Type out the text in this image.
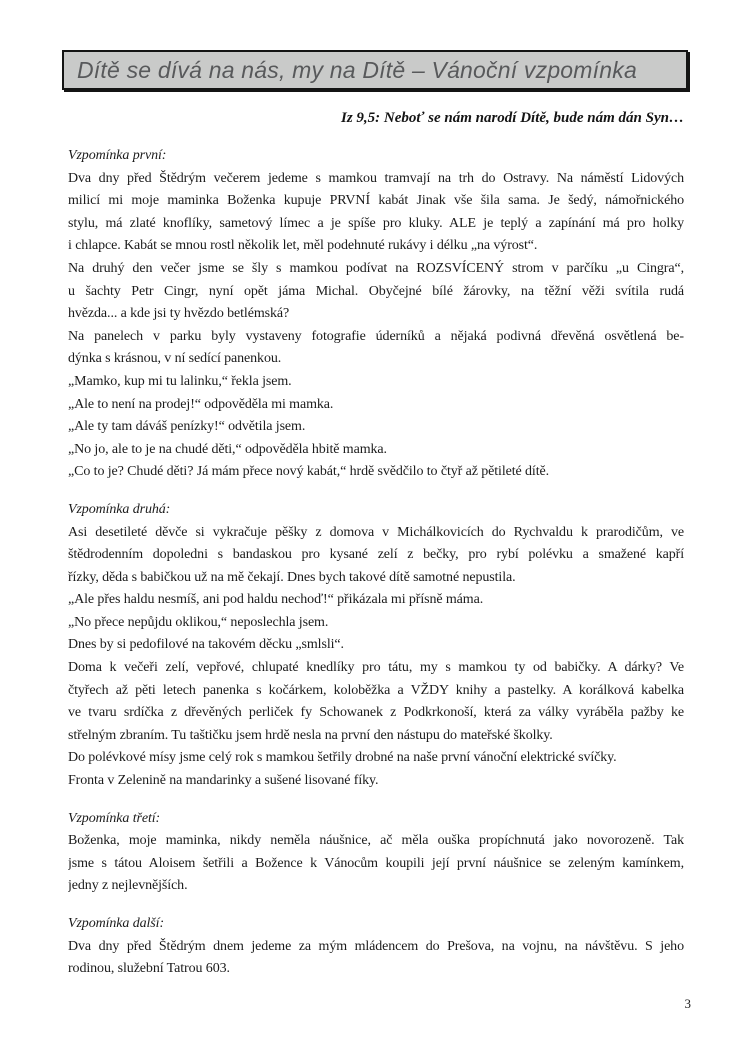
Dítě se dívá na nás, my na Dítě – Vánoční vzpomínka
Iz 9,5: Neboť se nám narodí Dítě, bude nám dán Syn…
Vzpomínka první:
Dva dny před Štědrým večerem jedeme s mamkou tramvají na trh do Ostravy. Na náměstí Lidových
milicí mi moje maminka Boženka kupuje PRVNÍ kabát Jinak vše šila sama. Je šedý, námořnického
stylu, má zlaté knoflíky, sametový límec a je spíše pro kluky. ALE je teplý a zapínání má pro holky
i chlapce. Kabát se mnou rostl několik let, měl podehnuté rukávy i délku „na výrost“.
Na druhý den večer jsme se šly s mamkou podívat na ROZSVÍCENÝ strom v parčíku „u Cingra“,
u šachty Petr Cingr, nyní opět jáma Michal. Obyčejné bílé žárovky, na těžní věži svítila rudá
hvězda... a kde jsi ty hvězdo betlémská?
Na panelech v parku byly vystaveny fotografie úderníků a nějaká podivná dřevěná osvětlená be-
dýnka s krásnou, v ní sedící panenkou.
„Mamko, kup mi tu lalinku,“ řekla jsem.
„Ale to není na prodej!“ odpověděla mi mamka.
„Ale ty tam dáváš penízky!“ odvětila jsem.
„No jo, ale to je na chudé děti,“ odpověděla hbitě mamka.
„Co to je? Chudé děti? Já mám přece nový kabát,“ hrdě svědčilo to čtyř až pětileté dítě.
Vzpomínka druhá:
Asi desetileté děvče si vykračuje pěšky z domova v Michálkovicích do Rychvaldu k prarodičům, ve
štědrodenním dopoledni s bandaskou pro kysané zelí z bečky, pro rybí polévku a smažené kapří
řízky, děda s babičkou už na mě čekají. Dnes bych takové dítě samotné nepustila.
„Ale přes haldu nesmíš, ani pod haldu nechoď!“ přikázala mi přísně máma.
„No přece nepůjdu oklikou,“ neposlechla jsem.
Dnes by si pedofilové na takovém děcku „smlsli“.
Doma k večeři zelí, vepřové, chlupaté knedlíky pro tátu, my s mamkou ty od babičky. A dárky? Ve
čtyřech až pěti letech panenka s kočárkem, koloběžka a VŽDY knihy a pastelky. A korálková kabelka
ve tvaru srdíčka z dřevěných perliček fy Schowanek z Podkrkonoší, která za války vyráběla pažby ke
střelným zbraním. Tu taštičku jsem hrdě nesla na první den nástupu do mateřské školky.
Do polévkové mísy jsme celý rok s mamkou šetřily drobné na naše první vánoční elektrické svíčky.
Fronta v Zelenině na mandarinky a sušené lisované fíky.
Vzpomínka třetí:
Boženka, moje maminka, nikdy neměla náušnice, ač měla ouška propíchnutá jako novorozeně. Tak
jsme s tátou Aloisem šetřili a Božence k Vánocům koupili její první náušnice se zeleným kamínkem,
jedny z nejlevnějších.
Vzpomínka další:
Dva dny před Štědrým dnem jedeme za mým mládencem do Prešova, na vojnu, na návštěvu. S jeho
rodinou, služební Tatrou 603.
3
